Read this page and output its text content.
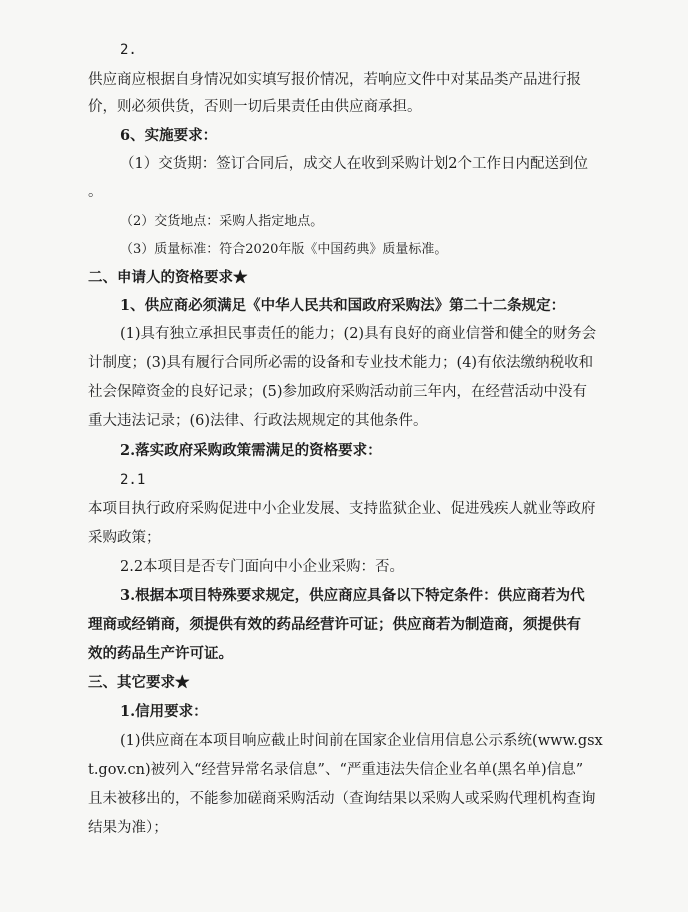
2.
供应商应根据自身情况如实填写报价情况，若响应文件中对某品类产品进行报
价，则必须供货，否则一切后果责任由供应商承担。
6、实施要求：
（1）交货期：签订合同后，成交人在收到采购计划2个工作日内配送到位
。
（2）交货地点：采购人指定地点。
（3）质量标准：符合2020年版《中国药典》质量标准。
二、申请人的资格要求★
1、供应商必须满足《中华人民共和国政府采购法》第二十二条规定：
(1)具有独立承担民事责任的能力；(2)具有良好的商业信誉和健全的财务会
计制度；(3)具有履行合同所必需的设备和专业技术能力；(4)有依法缴纳税收和
社会保障资金的良好记录；(5)参加政府采购活动前三年内，在经营活动中没有
重大违法记录；(6)法律、行政法规规定的其他条件。
2.落实政府采购政策需满足的资格要求：
2.1
本项目执行政府采购促进中小企业发展、支持监狱企业、促进残疾人就业等政府
采购政策；
2.2本项目是否专门面向中小企业采购：否。
3.根据本项目特殊要求规定，供应商应具备以下特定条件：供应商若为代
理商或经销商，须提供有效的药品经营许可证；供应商若为制造商，须提供有
效的药品生产许可证。
三、其它要求★
1.信用要求：
(1)供应商在本项目响应截止时间前在国家企业信用信息公示系统(www.gsx
t.gov.cn)被列入“经营异常名录信息”、“严重违法失信企业名单(黑名单)信息”
且未被移出的，不能参加磋商采购活动（查询结果以采购人或采购代理机构查询
结果为准）；
